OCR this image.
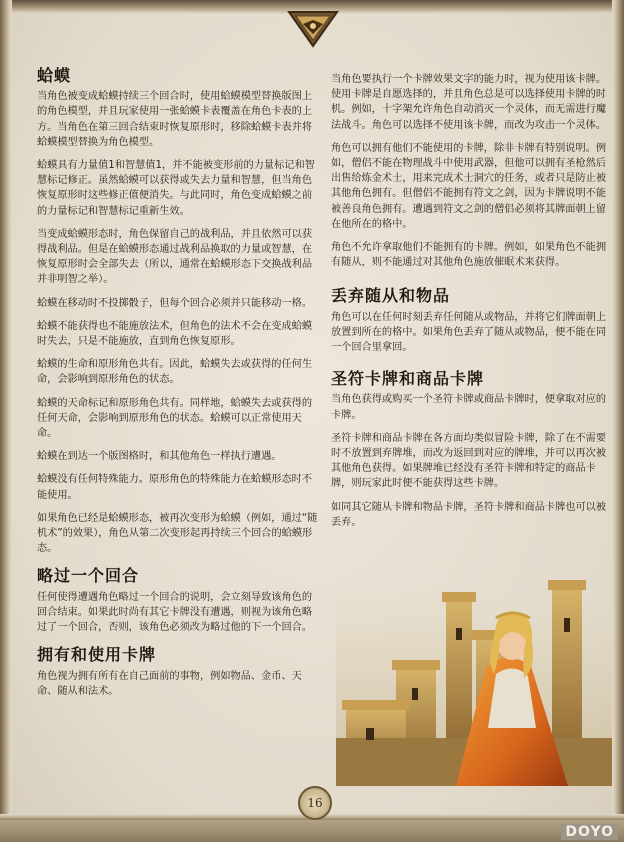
蛤蟆

当角色被变成蛤蟆持续三个回合时，使用蛤蟆模型替换版图上的角色模型，并且玩家使用一张蛤蟆卡表覆盖在角色卡表的上方。当角色在第三回合结束时恢复原形时，移除蛤蟆卡表并将蛤蟆模型替换为角色模型。

蛤蟆具有力量值1和智慧值1，并不能被变形前的力量标记和智慧标记修正。虽然蛤蟆可以获得或失去力量和智慧，但当角色恢复原形时这些修正值便消失。与此同时，角色变成蛤蟆之前的力量标记和智慧标记重新生效。

当变成蛤蟆形态时，角色保留自己的战利品，并且依然可以获得战利品。但是在蛤蟆形态通过战利品换取的力量或智慧，在恢复原形时会全部失去（所以，通常在蛤蟆形态下交换战利品并非明智之举）。

蛤蟆在移动时不投掷骰子，但每个回合必须并只能移动一格。

蛤蟆不能获得也不能施放法术，但角色的法术不会在变成蛤蟆时失去，只是不能施放，直到角色恢复原形。

蛤蟆的生命和原形角色共有。因此，蛤蟆失去或获得的任何生命，会影响到原形角色的状态。

蛤蟆的天命标记和原形角色共有。同样地，蛤蟆失去或获得的任何天命，会影响到原形角色的状态。蛤蟆可以正常使用天命。

蛤蟆在到达一个版图格时，和其他角色一样执行遭遇。

蛤蟆没有任何特殊能力。原形角色的特殊能力在蛤蟆形态时不能使用。

如果角色已经是蛤蟆形态，被再次变形为蛤蟆（例如，通过“随机术”的效果），角色从第二次变形起再持续三个回合的蛤蟆形态。

略过一个回合

任何使得遭遇角色略过一个回合的说明，会立刻导致该角色的回合结束。如果此时尚有其它卡牌没有遭遇，则视为该角色略过了一个回合，否则，该角色必须改为略过他的下一个回合。

拥有和使用卡牌

角色视为拥有所有在自己面前的事物，例如物品、金币、天命、随从和法术。

当角色要执行一个卡牌效果文字的能力时，视为使用该卡牌。使用卡牌是自愿选择的，并且角色总是可以选择使用卡牌的时机。例如，十字架允许角色自动消灭一个灵体，而无需进行魔法战斗。角色可以选择不使用该卡牌，而改为攻击一个灵体。

角色可以拥有他们不能使用的卡牌，除非卡牌有特别说明。例如，僧侣不能在物理战斗中使用武器，但他可以拥有圣枪然后出售给炼金术士，用来完成术士洞穴的任务，或者只是防止被其他角色拥有。但僧侣不能拥有符文之剑，因为卡牌说明不能被善良角色拥有。遭遇到符文之剑的僧侣必须将其牌面朝上留在他所在的格中。

角色不允许拿取他们不能拥有的卡牌。例如，如果角色不能拥有随从，则不能通过对其他角色施放催眠术来获得。

丢弃随从和物品

角色可以在任何时刻丢弃任何随从或物品，并将它们牌面朝上放置到所在的格中。如果角色丢弃了随从或物品，便不能在同一个回合里拿回。

圣符卡牌和商品卡牌

当角色获得或购买一个圣符卡牌或商品卡牌时，便拿取对应的卡牌。

圣符卡牌和商品卡牌在各方面均类似冒险卡牌，除了在不需要时不放置到弃牌堆，而改为返回到对应的牌堆，并可以再次被其他角色获得。如果牌堆已经没有圣符卡牌和特定的商品卡牌，则玩家此时便不能获得这些卡牌。

如同其它随从卡牌和物品卡牌，圣符卡牌和商品卡牌也可以被丢弃。

16
DOYO
